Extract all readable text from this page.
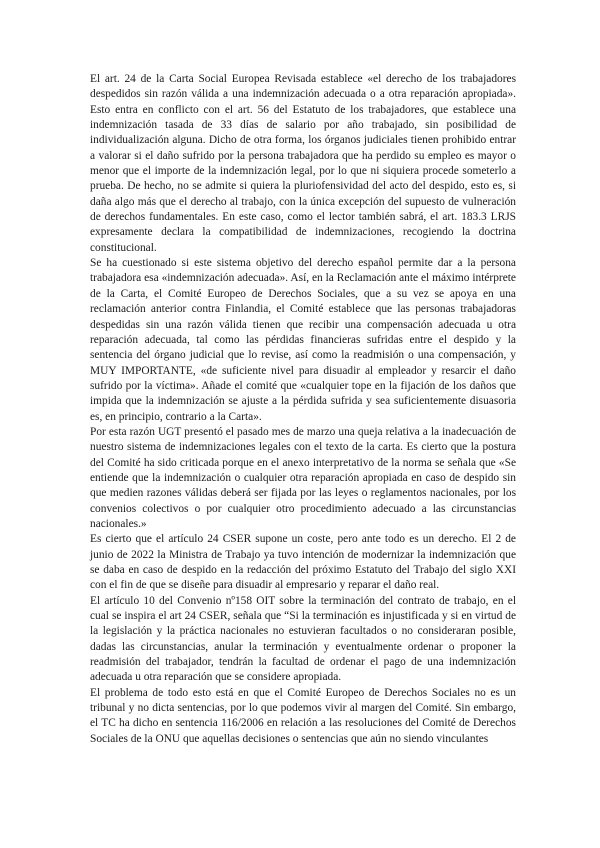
El art. 24 de la Carta Social Europea Revisada establece «el derecho de los trabajadores despedidos sin razón válida a una indemnización adecuada o a otra reparación apropiada». Esto entra en conflicto con el art. 56 del Estatuto de los trabajadores, que establece una indemnización tasada de 33 días de salario por año trabajado, sin posibilidad de individualización alguna. Dicho de otra forma, los órganos judiciales tienen prohibido entrar a valorar si el daño sufrido por la persona trabajadora que ha perdido su empleo es mayor o menor que el importe de la indemnización legal, por lo que ni siquiera procede someterlo a prueba. De hecho, no se admite si quiera la pluriofensividad del acto del despido, esto es, si daña algo más que el derecho al trabajo, con la única excepción del supuesto de vulneración de derechos fundamentales. En este caso, como el lector también sabrá, el art. 183.3 LRJS expresamente declara la compatibilidad de indemnizaciones, recogiendo la doctrina constitucional.

Se ha cuestionado si este sistema objetivo del derecho español permite dar a la persona trabajadora esa «indemnización adecuada». Así, en la Reclamación ante el máximo intérprete de la Carta, el Comité Europeo de Derechos Sociales, que a su vez se apoya en una reclamación anterior contra Finlandia, el Comité establece que las personas trabajadoras despedidas sin una razón válida tienen que recibir una compensación adecuada u otra reparación adecuada, tal como las pérdidas financieras sufridas entre el despido y la sentencia del órgano judicial que lo revise, así como la readmisión o una compensación, y MUY IMPORTANTE, «de suficiente nivel para disuadir al empleador y resarcir el daño sufrido por la víctima». Añade el comité que «cualquier tope en la fijación de los daños que impida que la indemnización se ajuste a la pérdida sufrida y sea suficientemente disuasoria es, en principio, contrario a la Carta».

Por esta razón UGT presentó el pasado mes de marzo una queja relativa a la inadecuación de nuestro sistema de indemnizaciones legales con el texto de la carta. Es cierto que la postura del Comité ha sido criticada porque en el anexo interpretativo de la norma se señala que «Se entiende que la indemnización o cualquier otra reparación apropiada en caso de despido sin que medien razones válidas deberá ser fijada por las leyes o reglamentos nacionales, por los convenios colectivos o por cualquier otro procedimiento adecuado a las circunstancias nacionales.»

Es cierto que el artículo 24 CSER supone un coste, pero ante todo es un derecho. El 2 de junio de 2022 la Ministra de Trabajo ya tuvo intención de modernizar la indemnización que se daba en caso de despido en la redacción del próximo Estatuto del Trabajo del siglo XXI con el fin de que se diseñe para disuadir al empresario y reparar el daño real.

El artículo 10 del Convenio nº158 OIT sobre la terminación del contrato de trabajo, en el cual se inspira el art 24 CSER, señala que “Si la terminación es injustificada y si en virtud de la legislación y la práctica nacionales no estuvieran facultados o no consideraran posible, dadas las circunstancias, anular la terminación y eventualmente ordenar o proponer la readmisión del trabajador, tendrán la facultad de ordenar el pago de una indemnización adecuada u otra reparación que se considere apropiada.

El problema de todo esto está en que el Comité Europeo de Derechos Sociales no es un tribunal y no dicta sentencias, por lo que podemos vivir al margen del Comité. Sin embargo, el TC ha dicho en sentencia 116/2006 en relación a las resoluciones del Comité de Derechos Sociales de la ONU que aquellas decisiones o sentencias que aún no siendo vinculantes
